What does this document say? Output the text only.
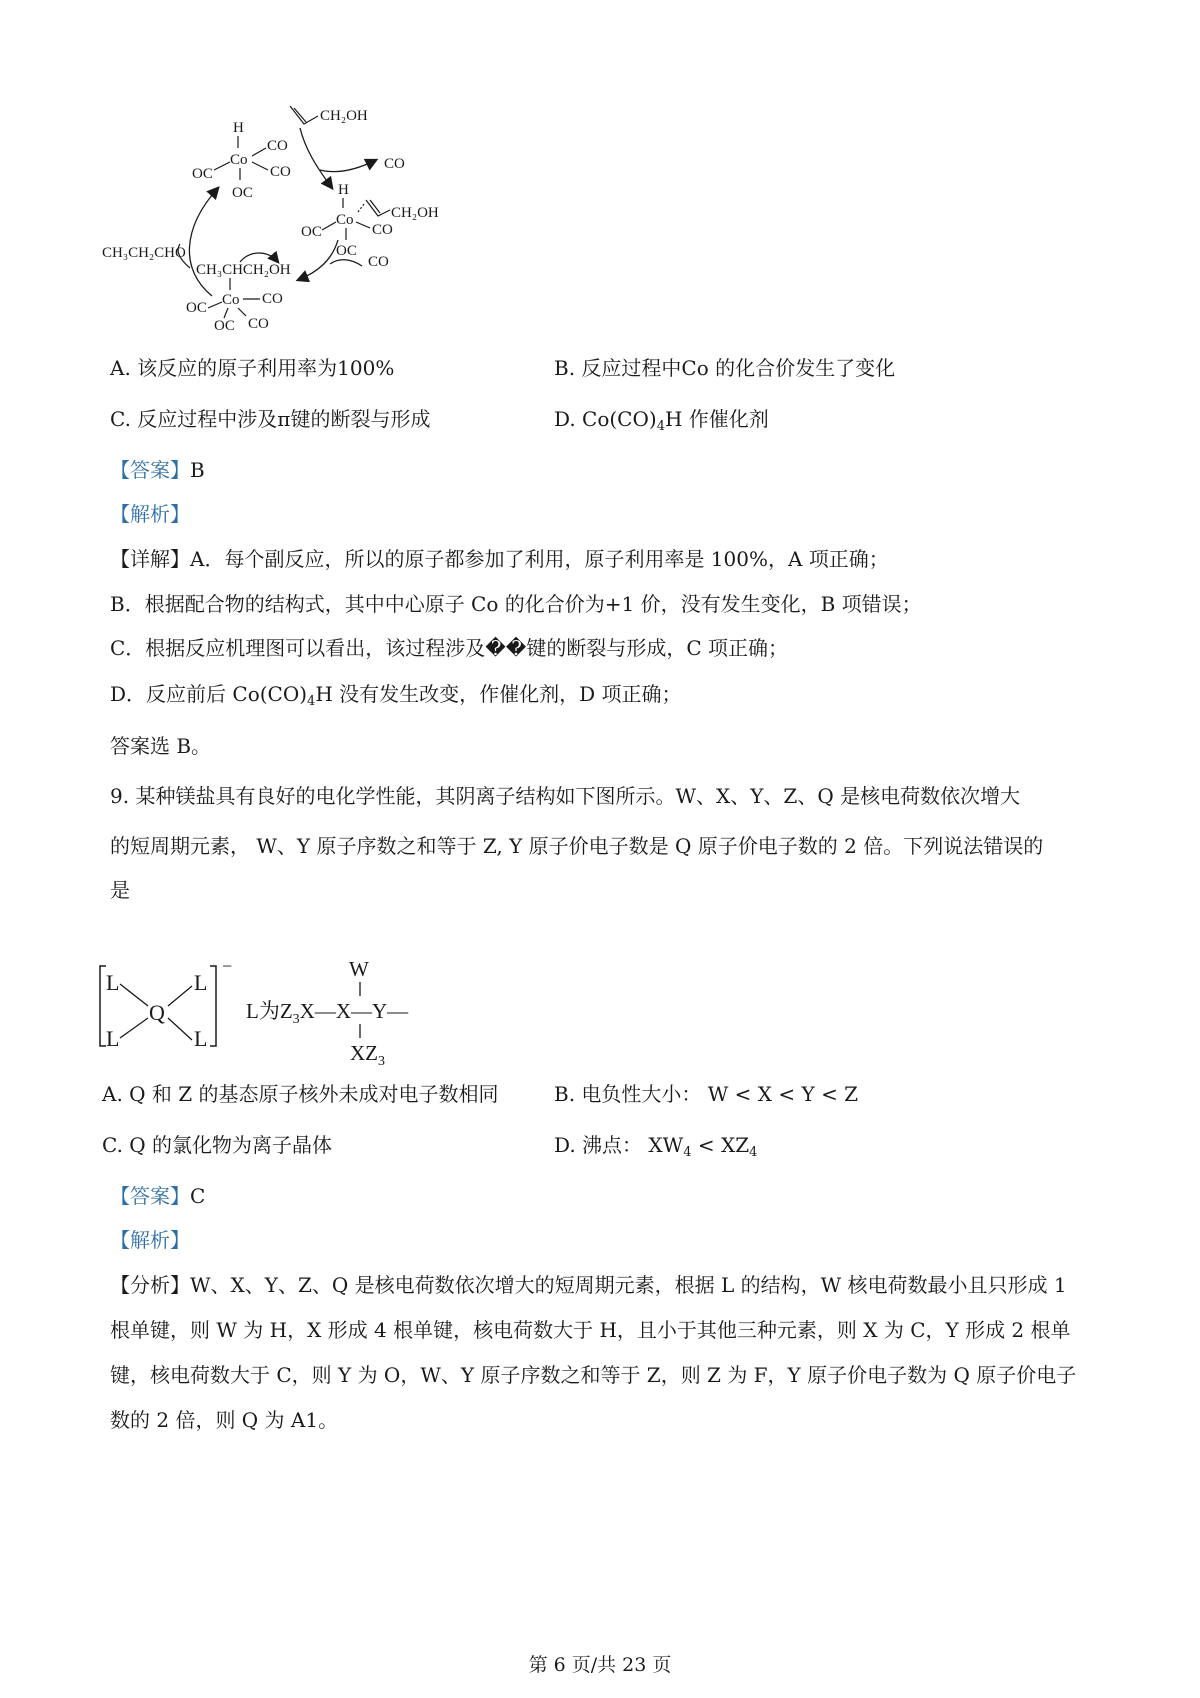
H
Co
CO
CO
OC
OC
CH₂OH
CO
H
Co CH₂OH
OC	CO
OC
CO
CH₃CH₂CHO
CH₃CHCH₂OH
Co CO
OC
OC CO
A. 该反应的原子利用率为100%	B. 反应过程中Co 的化合价发生了变化
C. 反应过程中涉及π键的断裂与形成	D. $Co(CO)_4H$ 作催化剂
【答案】B
【解析】
【详解】A．每个副反应，所以的原子都参加了利用，原子利用率是 100%，A 项正确；
B．根据配合物的结构式，其中中心原子 Co 的化合价为+1 价，没有发生变化，B 项错误；
C．根据反应机理图可以看出，该过程涉及��键的断裂与形成，C 项正确；
D．反应前后 $Co(CO)_4H$ 没有发生改变，作催化剂，D 项正确；
答案选 B。
9. 某种镁盐具有良好的电化学性能，其阴离子结构如下图所示。W、X、Y、Z、Q 是核电荷数依次增大
的短周期元素， W、Y 原子序数之和等于 Z, Y 原子价电子数是 Q 原子价电子数的 2 倍。下列说法错误的
是
L	L
L	L
Q
−
L为$Z_3X—X—Y—$
W
$XZ_3$
A. Q 和 Z 的基态原子核外未成对电子数相同	B. 电负性大小： W < X < Y < Z
C. Q 的氯化物为离子晶体	D. 沸点： $XW_4 < XZ_4$
【答案】C
【解析】
【分析】W、X、Y、Z、Q 是核电荷数依次增大的短周期元素，根据 L 的结构，W 核电荷数最小且只形成 1
根单键，则 W 为 H，X 形成 4 根单键，核电荷数大于 H，且小于其他三种元素，则 X 为 C，Y 形成 2 根单
键，核电荷数大于 C，则 Y 为 O，W、Y 原子序数之和等于 Z，则 Z 为 F，Y 原子价电子数为 Q 原子价电子
数的 2 倍，则 Q 为 A1。
第 6 页/共 23 页
